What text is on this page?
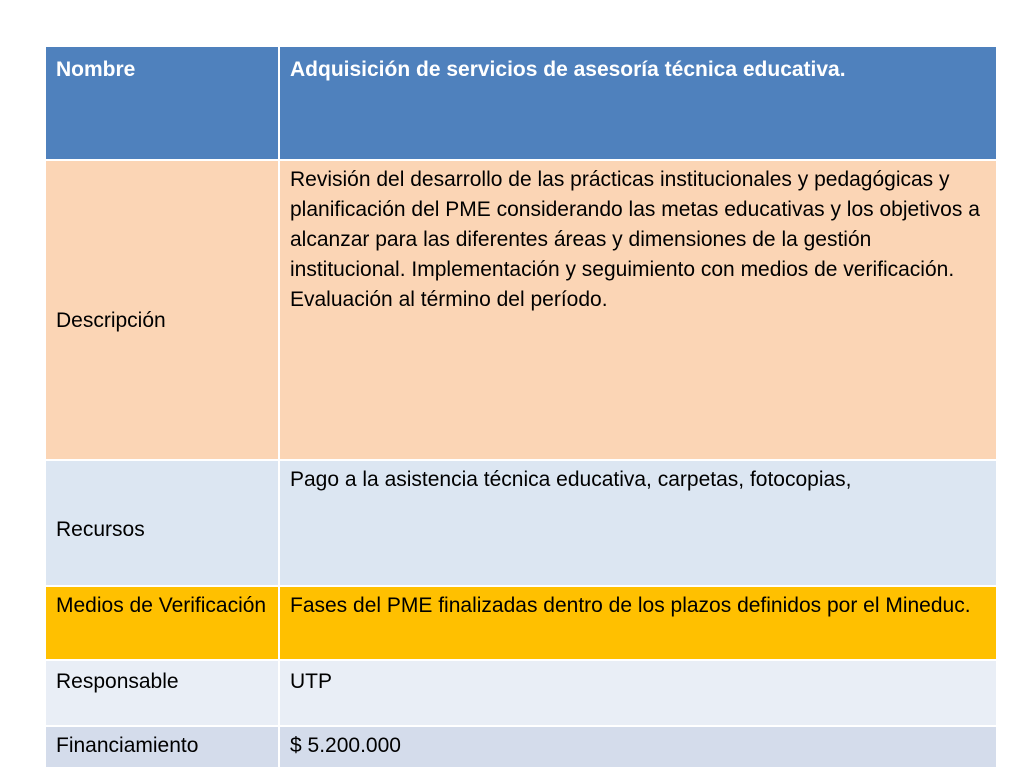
Nombre	Adquisición de servicios de asesoría técnica educativa.
Descripción	Revisión del desarrollo de las prácticas institucionales y pedagógicas y planificación del PME considerando las metas educativas y los objetivos a alcanzar para las diferentes áreas y dimensiones de la gestión institucional. Implementación y seguimiento con medios de verificación. Evaluación al término del período.
Recursos	Pago a la asistencia técnica educativa, carpetas, fotocopias,
Medios de Verificación	Fases del PME finalizadas dentro de los plazos definidos por el Mineduc.
Responsable	UTP
Financiamiento	$ 5.200.000
